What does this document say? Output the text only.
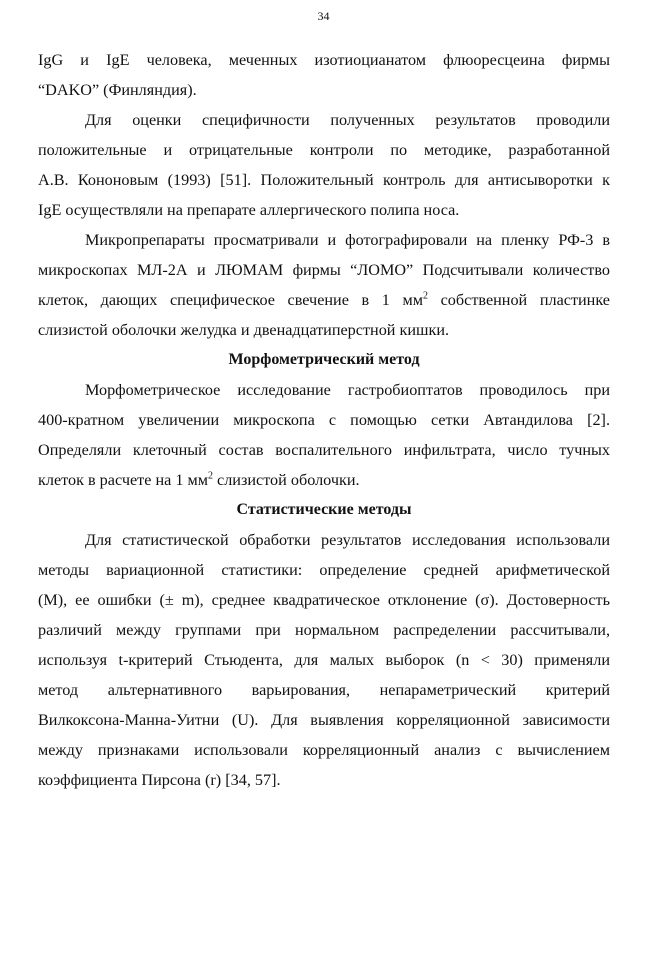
34
IgG и IgE человека, меченных изотиоцианатом флюоресцеина фирмы
“DAKO” (Финляндия).
Для оценки специфичности полученных результатов проводили
положительные и отрицательные контроли по методике, разработанной
А.В. Кононовым (1993) [51]. Положительный контроль для антисыворотки к
IgE осуществляли на препарате аллергического полипа носа.
Микропрепараты просматривали и фотографировали на пленку РФ-3 в
микроскопах МЛ-2А и ЛЮМАМ фирмы “ЛОМО” Подсчитывали количество
клеток, дающих специфическое свечение в 1 $мм^2$ собственной пластинке
слизистой оболочки желудка и двенадцатиперстной кишки.
Морфометрический метод
Морфометрическое исследование гастробиоптатов проводилось при
400-кратном увеличении микроскопа с помощью сетки Автандилова [2].
Определяли клеточный состав воспалительного инфильтрата, число тучных
клеток в расчете на 1 $мм^2$ слизистой оболочки.
Статистические методы
Для статистической обработки результатов исследования использовали
методы вариационной статистики: определение средней арифметической
(М), ее ошибки (± m), среднее квадратическое отклонение (σ). Достоверность
различий между группами при нормальном распределении рассчитывали,
используя t-критерий Стьюдента, для малых выборок (n < 30) применяли
метод альтернативного варьирования, непараметрический критерий
Вилкоксона-Манна-Уитни (U). Для выявления корреляционной зависимости
между признаками использовали корреляционный анализ с вычислением
коэффициента Пирсона (r) [34, 57].
